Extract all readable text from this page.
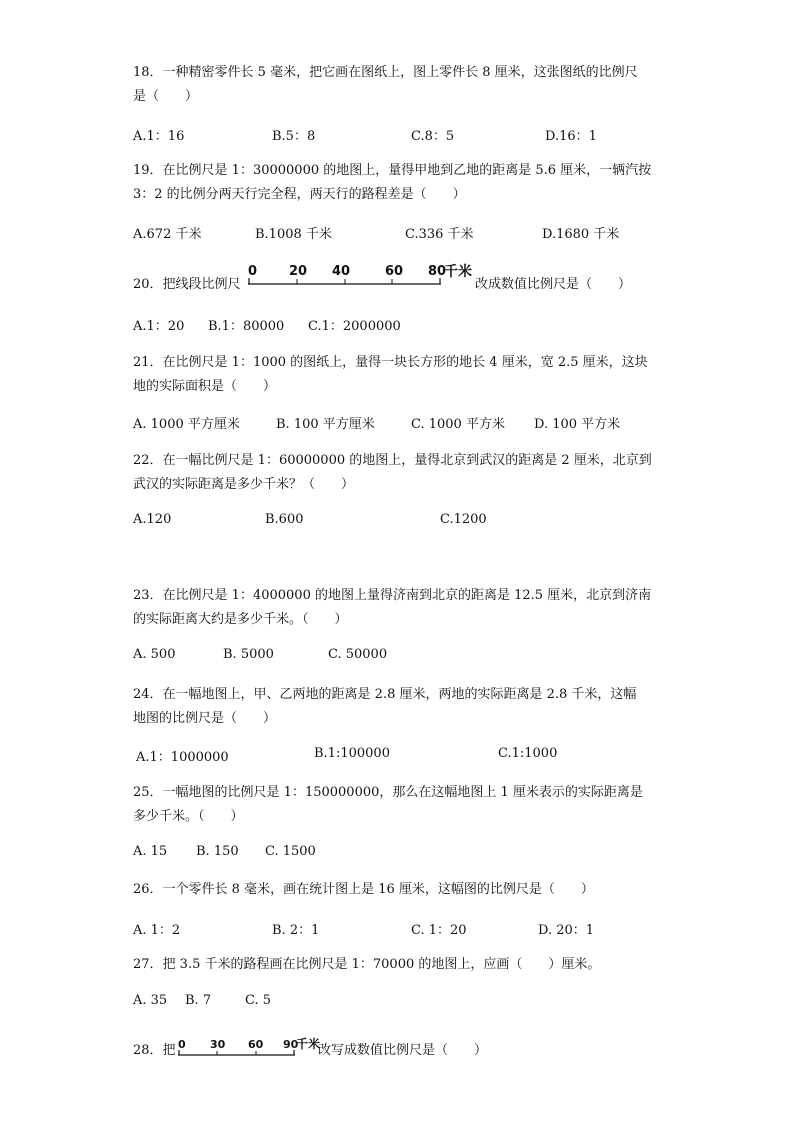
18．一种精密零件长 5 毫米，把它画在图纸上，图上零件长 8 厘米，这张图纸的比例尺
是（　　）

A.1：16	B.5：8	C.8：5	D.16：1

19．在比例尺是 1：30000000 的地图上，量得甲地到乙地的距离是 5.6 厘米，一辆汽按
3：2 的比例分两天行完全程，两天行的路程差是（　　）

A.672 千米	B.1008 千米	C.336 千米	D.1680 千米
20．把线段比例尺
0 20 40	60 80
千米
改成数值比例尺是（　　）
A.1：20 B.1：80000 C.1：2000000

21．在比例尺是 1：1000 的图纸上，量得一块长方形的地长 4 厘米，宽 2.5 厘米，这块
地的实际面积是（　　）

A. 1000 平方厘米	B. 100 平方厘米	C. 1000 平方米 D. 100 平方米

22．在一幅比例尺是 1：60000000 的地图上，量得北京到武汉的距离是 2 厘米，北京到
武汉的实际距离是多少千米？（　　）

A.120	B.600	C.1200

23．在比例尺是 1：4000000 的地图上量得济南到北京的距离是 12.5 厘米，北京到济南
的实际距离大约是多少千米。（　　）

A. 500	B. 5000	C. 50000

24．在一幅地图上，甲、乙两地的距离是 2.8 厘米，两地的实际距离是 2.8 千米，这幅
地图的比例尺是（　　）

A.1：1000000	B.1:100000	C.1:1000

25．一幅地图的比例尺是 1：150000000，那么在这幅地图上 1 厘米表示的实际距离是
多少千米。（　　）

A. 15 B. 150 C. 1500

26．一个零件长 8 毫米，画在统计图上是 16 厘米，这幅图的比例尺是（　　）

A. 1：2	B. 2：1	C. 1：20	D. 20：1

27．把 3.5 千米的路程画在比例尺是 1：70000 的地图上，应画（　　）厘米。

A. 35 B. 7	C. 5
28．把 0 30 60 90
千米
改写成数值比例尺是（　　）
